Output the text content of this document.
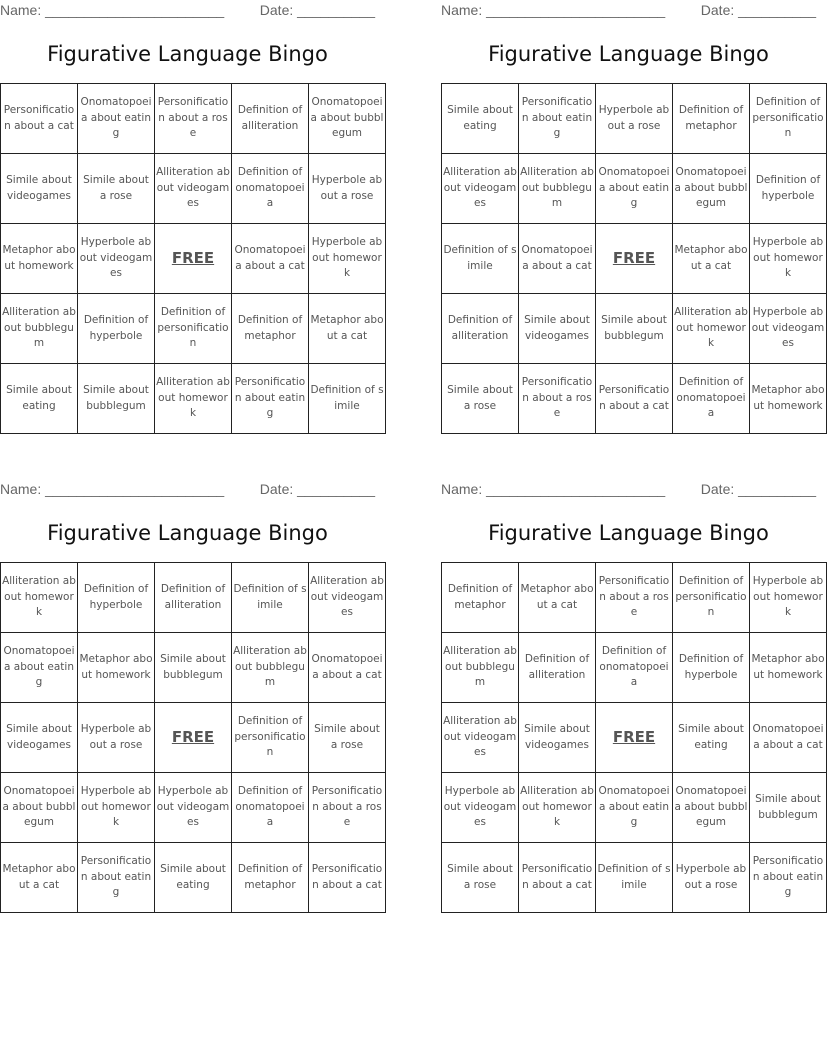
Name: _______________________	Date: __________
Figurative Language Bingo
Personification about a cat	Onomatopoeia about eating	Personification about a rose	Definition of alliteration	Onomatopoeia about bubblegum
Simile about videogames	Simile about a rose	Alliteration about videogames	Definition of onomatopoeia	Hyperbole about a rose
Metaphor about homework	Hyperbole about videogames	FREE	Onomatopoeia about a cat	Hyperbole about homework
Alliteration about bubblegum	Definition of hyperbole	Definition of personification	Definition of metaphor	Metaphor about a cat
Simile about eating	Simile about bubblegum	Alliteration about homework	Personification about eating	Definition of simile
Name: _______________________	Date: __________
Figurative Language Bingo
Simile about eating	Personification about eating	Hyperbole about a rose	Definition of metaphor	Definition of personification
Alliteration about videogames	Alliteration about bubblegum	Onomatopoeia about eating	Onomatopoeia about bubblegum	Definition of hyperbole
Definition of simile	Onomatopoeia about a cat	FREE	Metaphor about a cat	Hyperbole about homework
Definition of alliteration	Simile about videogames	Simile about bubblegum	Alliteration about homework	Hyperbole about videogames
Simile about a rose	Personification about a rose	Personification about a cat	Definition of onomatopoeia	Metaphor about homework
Name: _______________________	Date: __________
Figurative Language Bingo
Alliteration about homework	Definition of hyperbole	Definition of alliteration	Definition of simile	Alliteration about videogames
Onomatopoeia about eating	Metaphor about homework	Simile about bubblegum	Alliteration about bubblegum	Onomatopoeia about a cat
Simile about videogames	Hyperbole about a rose	FREE	Definition of personification	Simile about a rose
Onomatopoeia about bubblegum	Hyperbole about homework	Hyperbole about videogames	Definition of onomatopoeia	Personification about a rose
Metaphor about a cat	Personification about eating	Simile about eating	Definition of metaphor	Personification about a cat
Name: _______________________	Date: __________
Figurative Language Bingo
Definition of metaphor	Metaphor about a cat	Personification about a rose	Definition of personification	Hyperbole about homework
Alliteration about bubblegum	Definition of alliteration	Definition of onomatopoeia	Definition of hyperbole	Metaphor about homework
Alliteration about videogames	Simile about videogames	FREE	Simile about eating	Onomatopoeia about a cat
Hyperbole about videogames	Alliteration about homework	Onomatopoeia about eating	Onomatopoeia about bubblegum	Simile about bubblegum
Simile about a rose	Personification about a cat	Definition of simile	Hyperbole about a rose	Personification about eating
